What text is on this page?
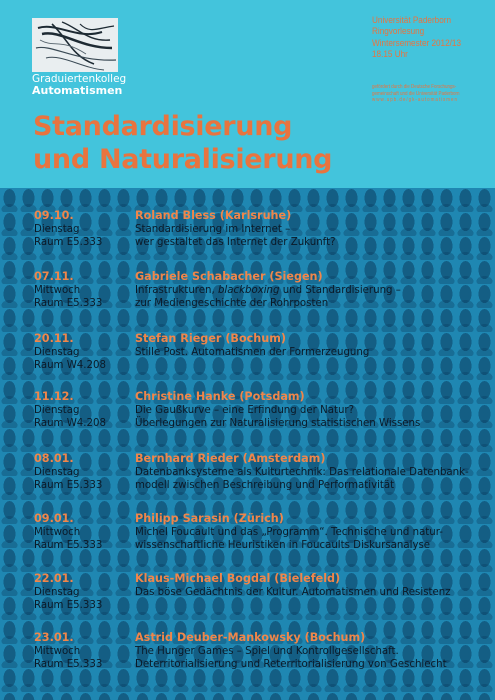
Graduiertenkolleg
Automatismen
Universität Paderborn
Ringvorlesung
Wintersemester 2012/13
18.15 Uhr
gefördert durch die Deutsche Forschungs-
gemeinschaft und die Universität Paderborn
www.upb.de/gk-automatismen
Standardisierung
und Naturalisierung
09.10.
Dienstag
Raum E5.333
Roland Bless (Karlsruhe)
Standardisierung im Internet –
wer gestaltet das Internet der Zukunft?
07.11.
Mittwoch
Raum E5.333
Gabriele Schabacher (Siegen)
Infrastrukturen, blackboxing und Standardisierung –
zur Mediengeschichte der Rohrposten
20.11.
Dienstag
Raum W4.208
Stefan Rieger (Bochum)
Stille Post. Automatismen der Formerzeugung
11.12.
Dienstag
Raum W4.208
Christine Hanke (Potsdam)
Die Gaußkurve – eine Erfindung der Natur?
Überlegungen zur Naturalisierung statistischen Wissens
08.01.
Dienstag
Raum E5.333
Bernhard Rieder (Amsterdam)
Datenbanksysteme als Kulturtechnik: Das relationale Datenbank-
modell zwischen Beschreibung und Performativität
09.01.
Mittwoch
Raum E5.333
Philipp Sarasin (Zürich)
Michel Foucault und das „Programm“. Technische und natur-
wissenschaftliche Heuristiken in Foucaults Diskursanalyse
22.01.
Dienstag
Raum E5.333
Klaus-Michael Bogdal (Bielefeld)
Das böse Gedächtnis der Kultur. Automatismen und Resistenz
23.01.
Mittwoch
Raum E5.333
Astrid Deuber-Mankowsky (Bochum)
The Hunger Games – Spiel und Kontrollgesellschaft.
Deterritorialisierung und Reterritorialisierung von Geschlecht
